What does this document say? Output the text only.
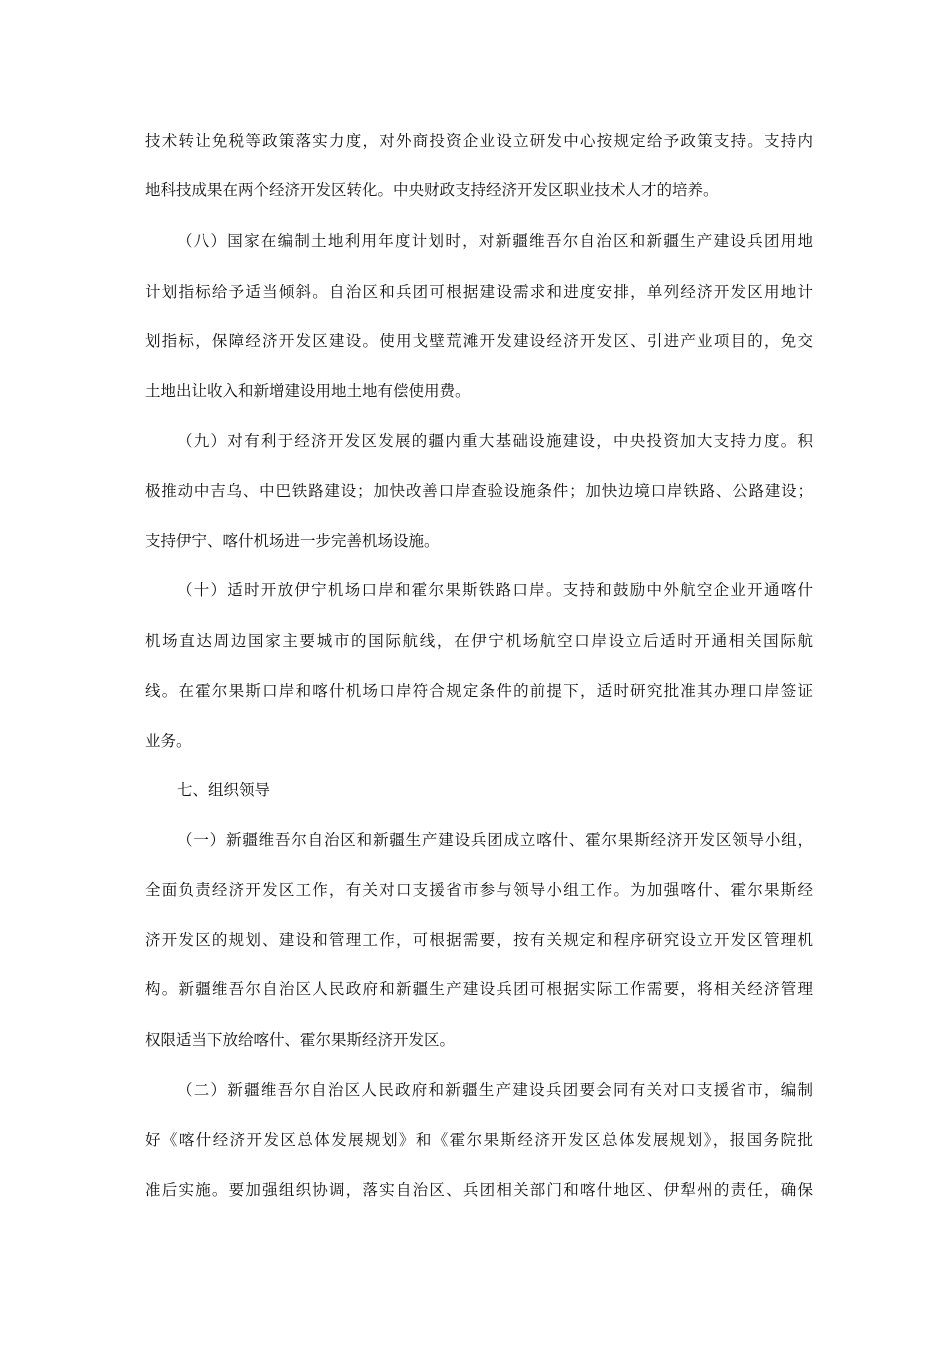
技术转让免税等政策落实力度，对外商投资企业设立研发中心按规定给予政策支持。支持内
地科技成果在两个经济开发区转化。中央财政支持经济开发区职业技术人才的培养。
（八）国家在编制土地利用年度计划时，对新疆维吾尔自治区和新疆生产建设兵团用地
计划指标给予适当倾斜。自治区和兵团可根据建设需求和进度安排，单列经济开发区用地计
划指标，保障经济开发区建设。使用戈壁荒滩开发建设经济开发区、引进产业项目的，免交
土地出让收入和新增建设用地土地有偿使用费。
（九）对有利于经济开发区发展的疆内重大基础设施建设，中央投资加大支持力度。积
极推动中吉乌、中巴铁路建设；加快改善口岸查验设施条件；加快边境口岸铁路、公路建设；
支持伊宁、喀什机场进一步完善机场设施。
（十）适时开放伊宁机场口岸和霍尔果斯铁路口岸。支持和鼓励中外航空企业开通喀什
机场直达周边国家主要城市的国际航线，在伊宁机场航空口岸设立后适时开通相关国际航
线。在霍尔果斯口岸和喀什机场口岸符合规定条件的前提下，适时研究批准其办理口岸签证
业务。
七、组织领导
（一）新疆维吾尔自治区和新疆生产建设兵团成立喀什、霍尔果斯经济开发区领导小组，
全面负责经济开发区工作，有关对口支援省市参与领导小组工作。为加强喀什、霍尔果斯经
济开发区的规划、建设和管理工作，可根据需要，按有关规定和程序研究设立开发区管理机
构。新疆维吾尔自治区人民政府和新疆生产建设兵团可根据实际工作需要，将相关经济管理
权限适当下放给喀什、霍尔果斯经济开发区。
（二）新疆维吾尔自治区人民政府和新疆生产建设兵团要会同有关对口支援省市，编制
好《喀什经济开发区总体发展规划》和《霍尔果斯经济开发区总体发展规划》，报国务院批
准后实施。要加强组织协调，落实自治区、兵团相关部门和喀什地区、伊犁州的责任，确保
